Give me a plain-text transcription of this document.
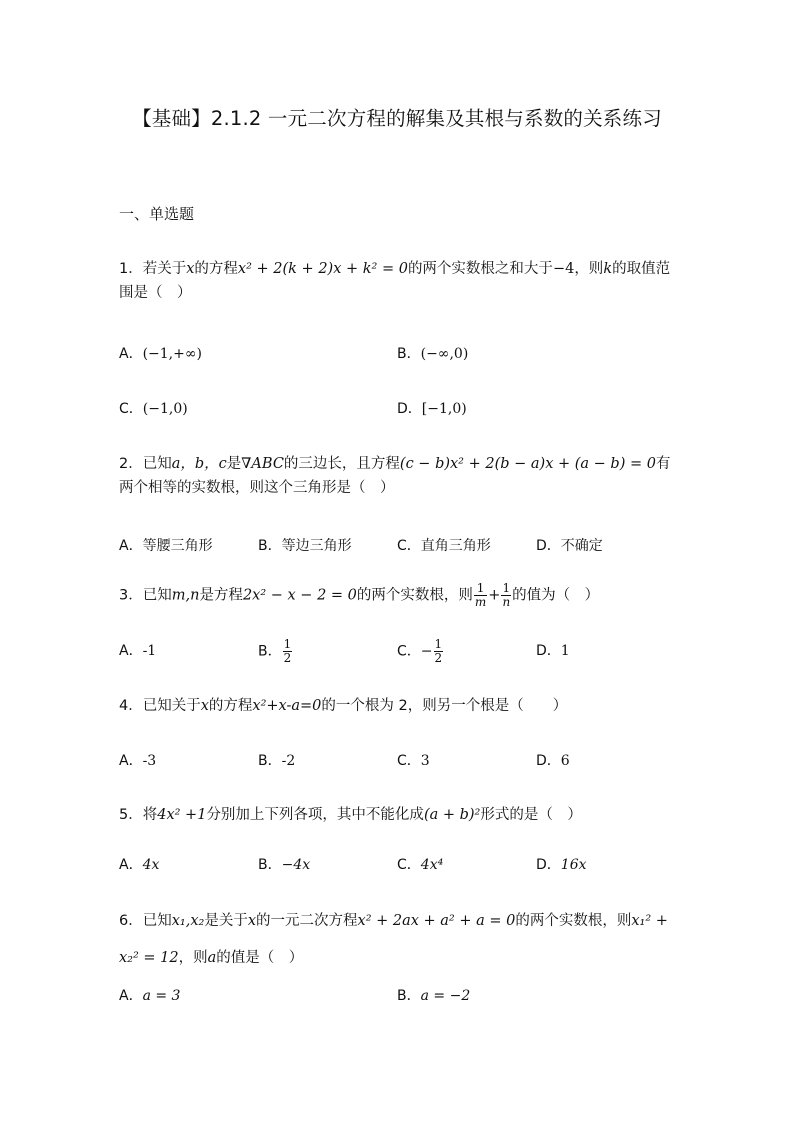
【基础】2.1.2 一元二次方程的解集及其根与系数的关系练习
一、单选题
1．若关于x的方程x² + 2(k + 2)x + k² = 0的两个实数根之和大于−4，则k的取值范围是（　）
A．(−1,+∞)	B．(−∞,0)
C．(−1,0)	D．[−1,0)
2．已知a，b，c是∇ABC的三边长，且方程(c − b)x² + 2(b − a)x + (a − b) = 0有两个相等的实数根，则这个三角形是（　）
A．等腰三角形	B．等边三角形	C．直角三角形	D．不确定
3．已知m,n是方程2x² − x − 2 = 0的两个实数根，则 $\frac{1}{m} + \frac{1}{n}$ 的值为（　）
A．-1	B． $\frac{1}{2}$	C．− $\frac{1}{2}$	D．1
4．已知关于x的方程x²+x-a=0的一个根为 2，则另一个根是（　　）
A．-3	B．-2	C．3	D．6
5．将4x² +1分别加上下列各项，其中不能化成(a + b)²形式的是（　）
A．4x	B．−4x	C．4x⁴	D．16x
6．已知x₁,x₂是关于x的一元二次方程x² + 2ax + a² + a = 0的两个实数根，则x₁² + x₂² = 12，则a的值是（　）
A．a = 3	B．a = −2
